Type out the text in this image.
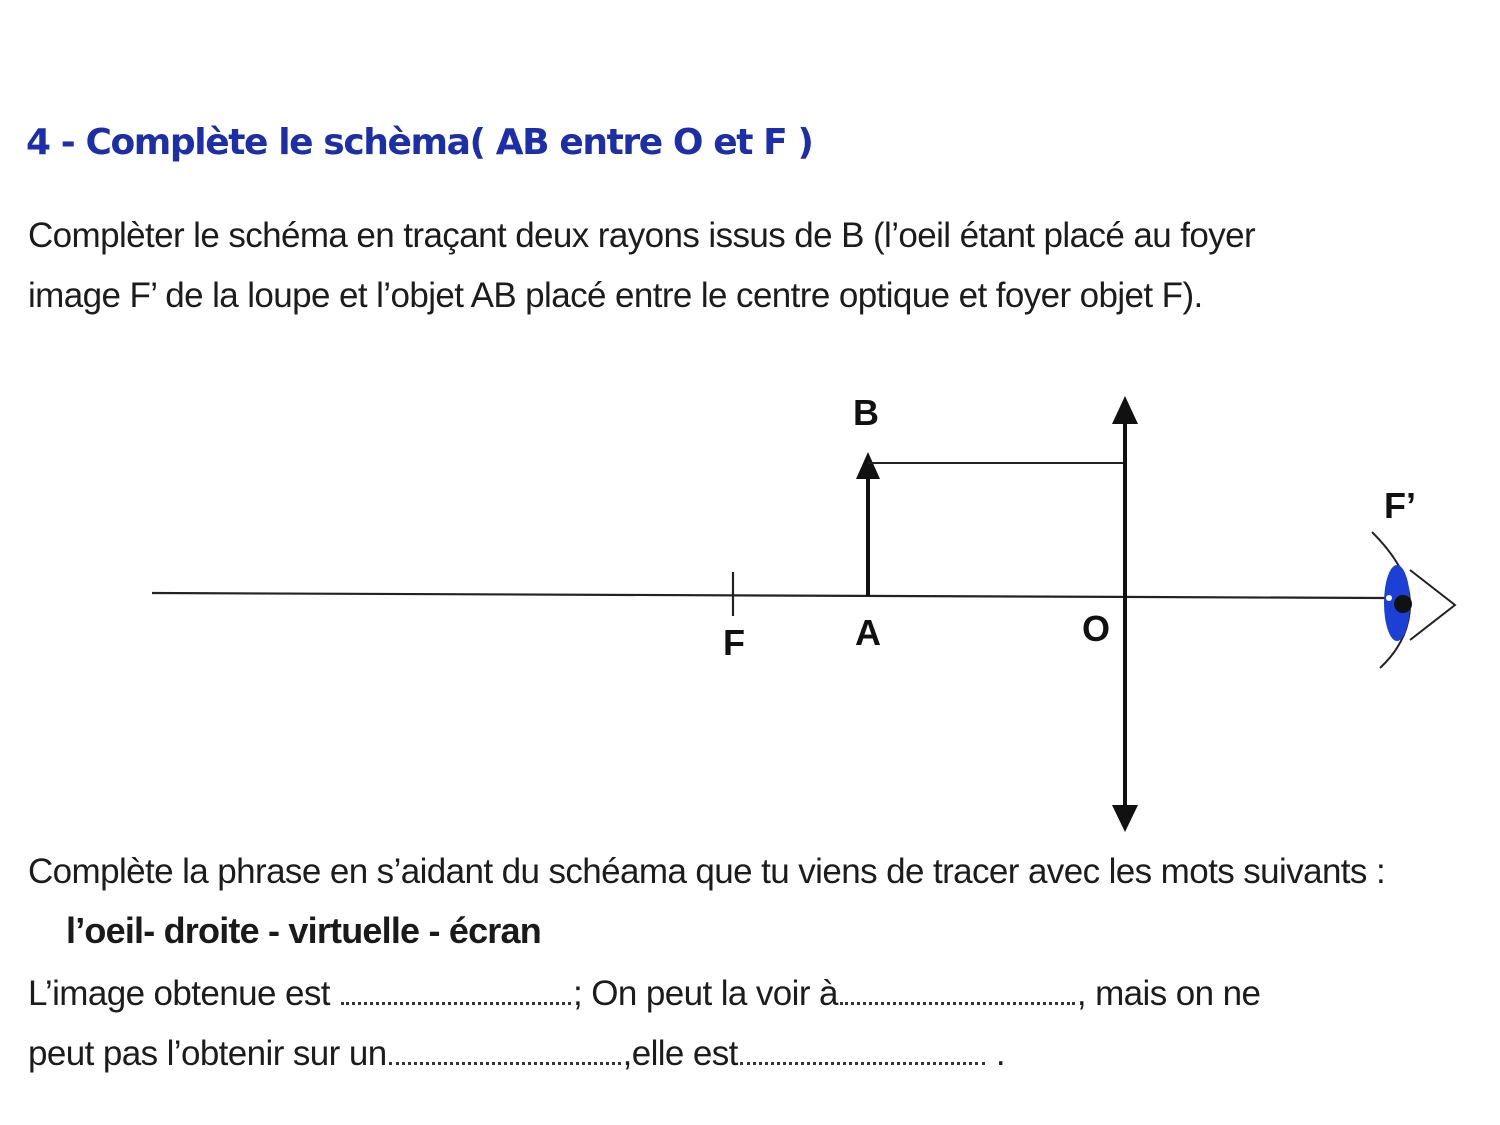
4 - Complète le schèma( AB entre O et F )
Complèter le schéma en traçant deux rayons issus de B (l’oeil étant placé au foyer
image F’ de la loupe et l’objet AB placé entre le centre optique et foyer objet F).
B
A
F	O
F’
Complète la phrase en s’aidant du schéama que tu viens de tracer avec les mots suivants :
l’oeil- droite - virtuelle - écran
L’image obtenue est	; On peut la voir à	, mais on ne
peut pas l’obtenir sur un	,elle est	.
